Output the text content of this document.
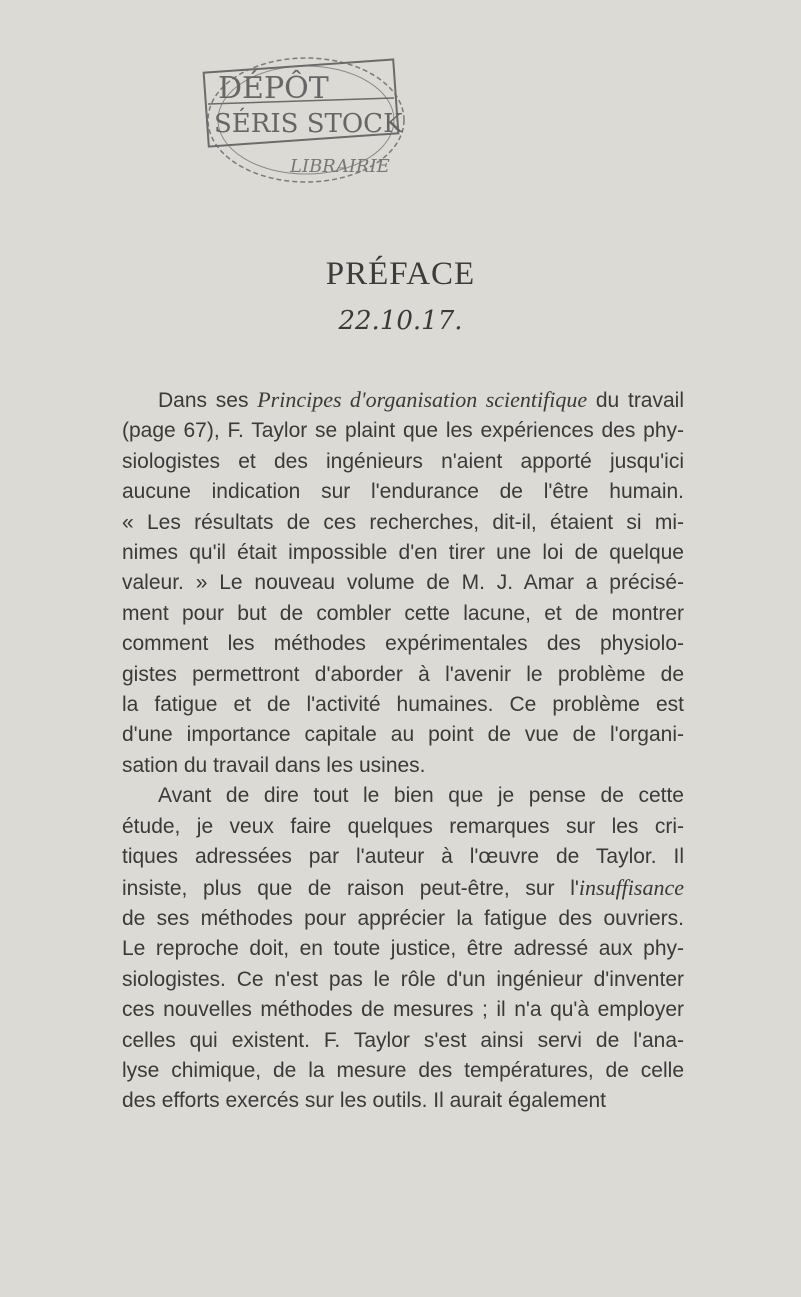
DÉPÔT
SÉRIS STOCK
LIBRAIRIE
PRÉFACE
22.10.17.
Dans ses Principes d'organisation scientifique du travail
(page 67), F. Taylor se plaint que les expériences des phy-
siologistes et des ingénieurs n'aient apporté jusqu'ici
aucune indication sur l'endurance de l'être humain.
« Les résultats de ces recherches, dit-il, étaient si mi-
nimes qu'il était impossible d'en tirer une loi de quelque
valeur. » Le nouveau volume de M. J. Amar a précisé-
ment pour but de combler cette lacune, et de montrer
comment les méthodes expérimentales des physiolo-
gistes permettront d'aborder à l'avenir le problème de
la fatigue et de l'activité humaines. Ce problème est
d'une importance capitale au point de vue de l'organi-
sation du travail dans les usines.
Avant de dire tout le bien que je pense de cette
étude, je veux faire quelques remarques sur les cri-
tiques adressées par l'auteur à l'œuvre de Taylor. Il
insiste, plus que de raison peut-être, sur l'insuffisance
de ses méthodes pour apprécier la fatigue des ouvriers.
Le reproche doit, en toute justice, être adressé aux phy-
siologistes. Ce n'est pas le rôle d'un ingénieur d'inventer
ces nouvelles méthodes de mesures ; il n'a qu'à employer
celles qui existent. F. Taylor s'est ainsi servi de l'ana-
lyse chimique, de la mesure des températures, de celle
des efforts exercés sur les outils. Il aurait également
